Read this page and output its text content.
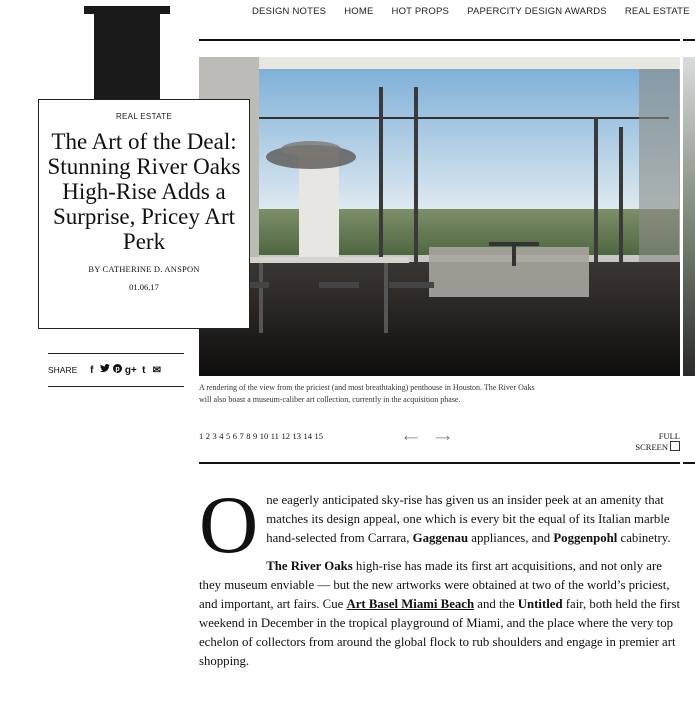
DESIGN NOTES HOME HOT PROPS PAPERCITY DESIGN AWARDS REAL ESTATE
REAL ESTATE
The Art of the Deal: Stunning River Oaks High-Rise Adds a Surprise, Pricey Art Perk
BY CATHERINE D. ANSPON
01.06.17
SHARE	f	p g+ t ✉
A rendering of the view from the priciest (and most breathtaking) penthouse in Houston. The River Oaks will also boast a museum-caliber art collection, currently in the acquisition phase.
1 2 3 4 5 6 7 8 9 10 11 12 13 14 15	⟵ ⟶	FULL
SCREEN

One eagerly anticipated sky-rise has given us an insider peek at an amenity that matches its design appeal, one which is every bit the equal of its Italian marble hand-selected from Carrara, Gaggenau appliances, and Poggenpohl cabinetry.

The River Oaks high-rise has made its first art acquisitions, and not only are they museum enviable — but the new artworks were obtained at two of the world’s priciest, and important, art fairs. Cue Art Basel Miami Beach and the Untitled fair, both held the first weekend in December in the tropical playground of Miami, and the place where the very top echelon of collectors from around the global flock to rub shoulders and engage in premier art shopping.
